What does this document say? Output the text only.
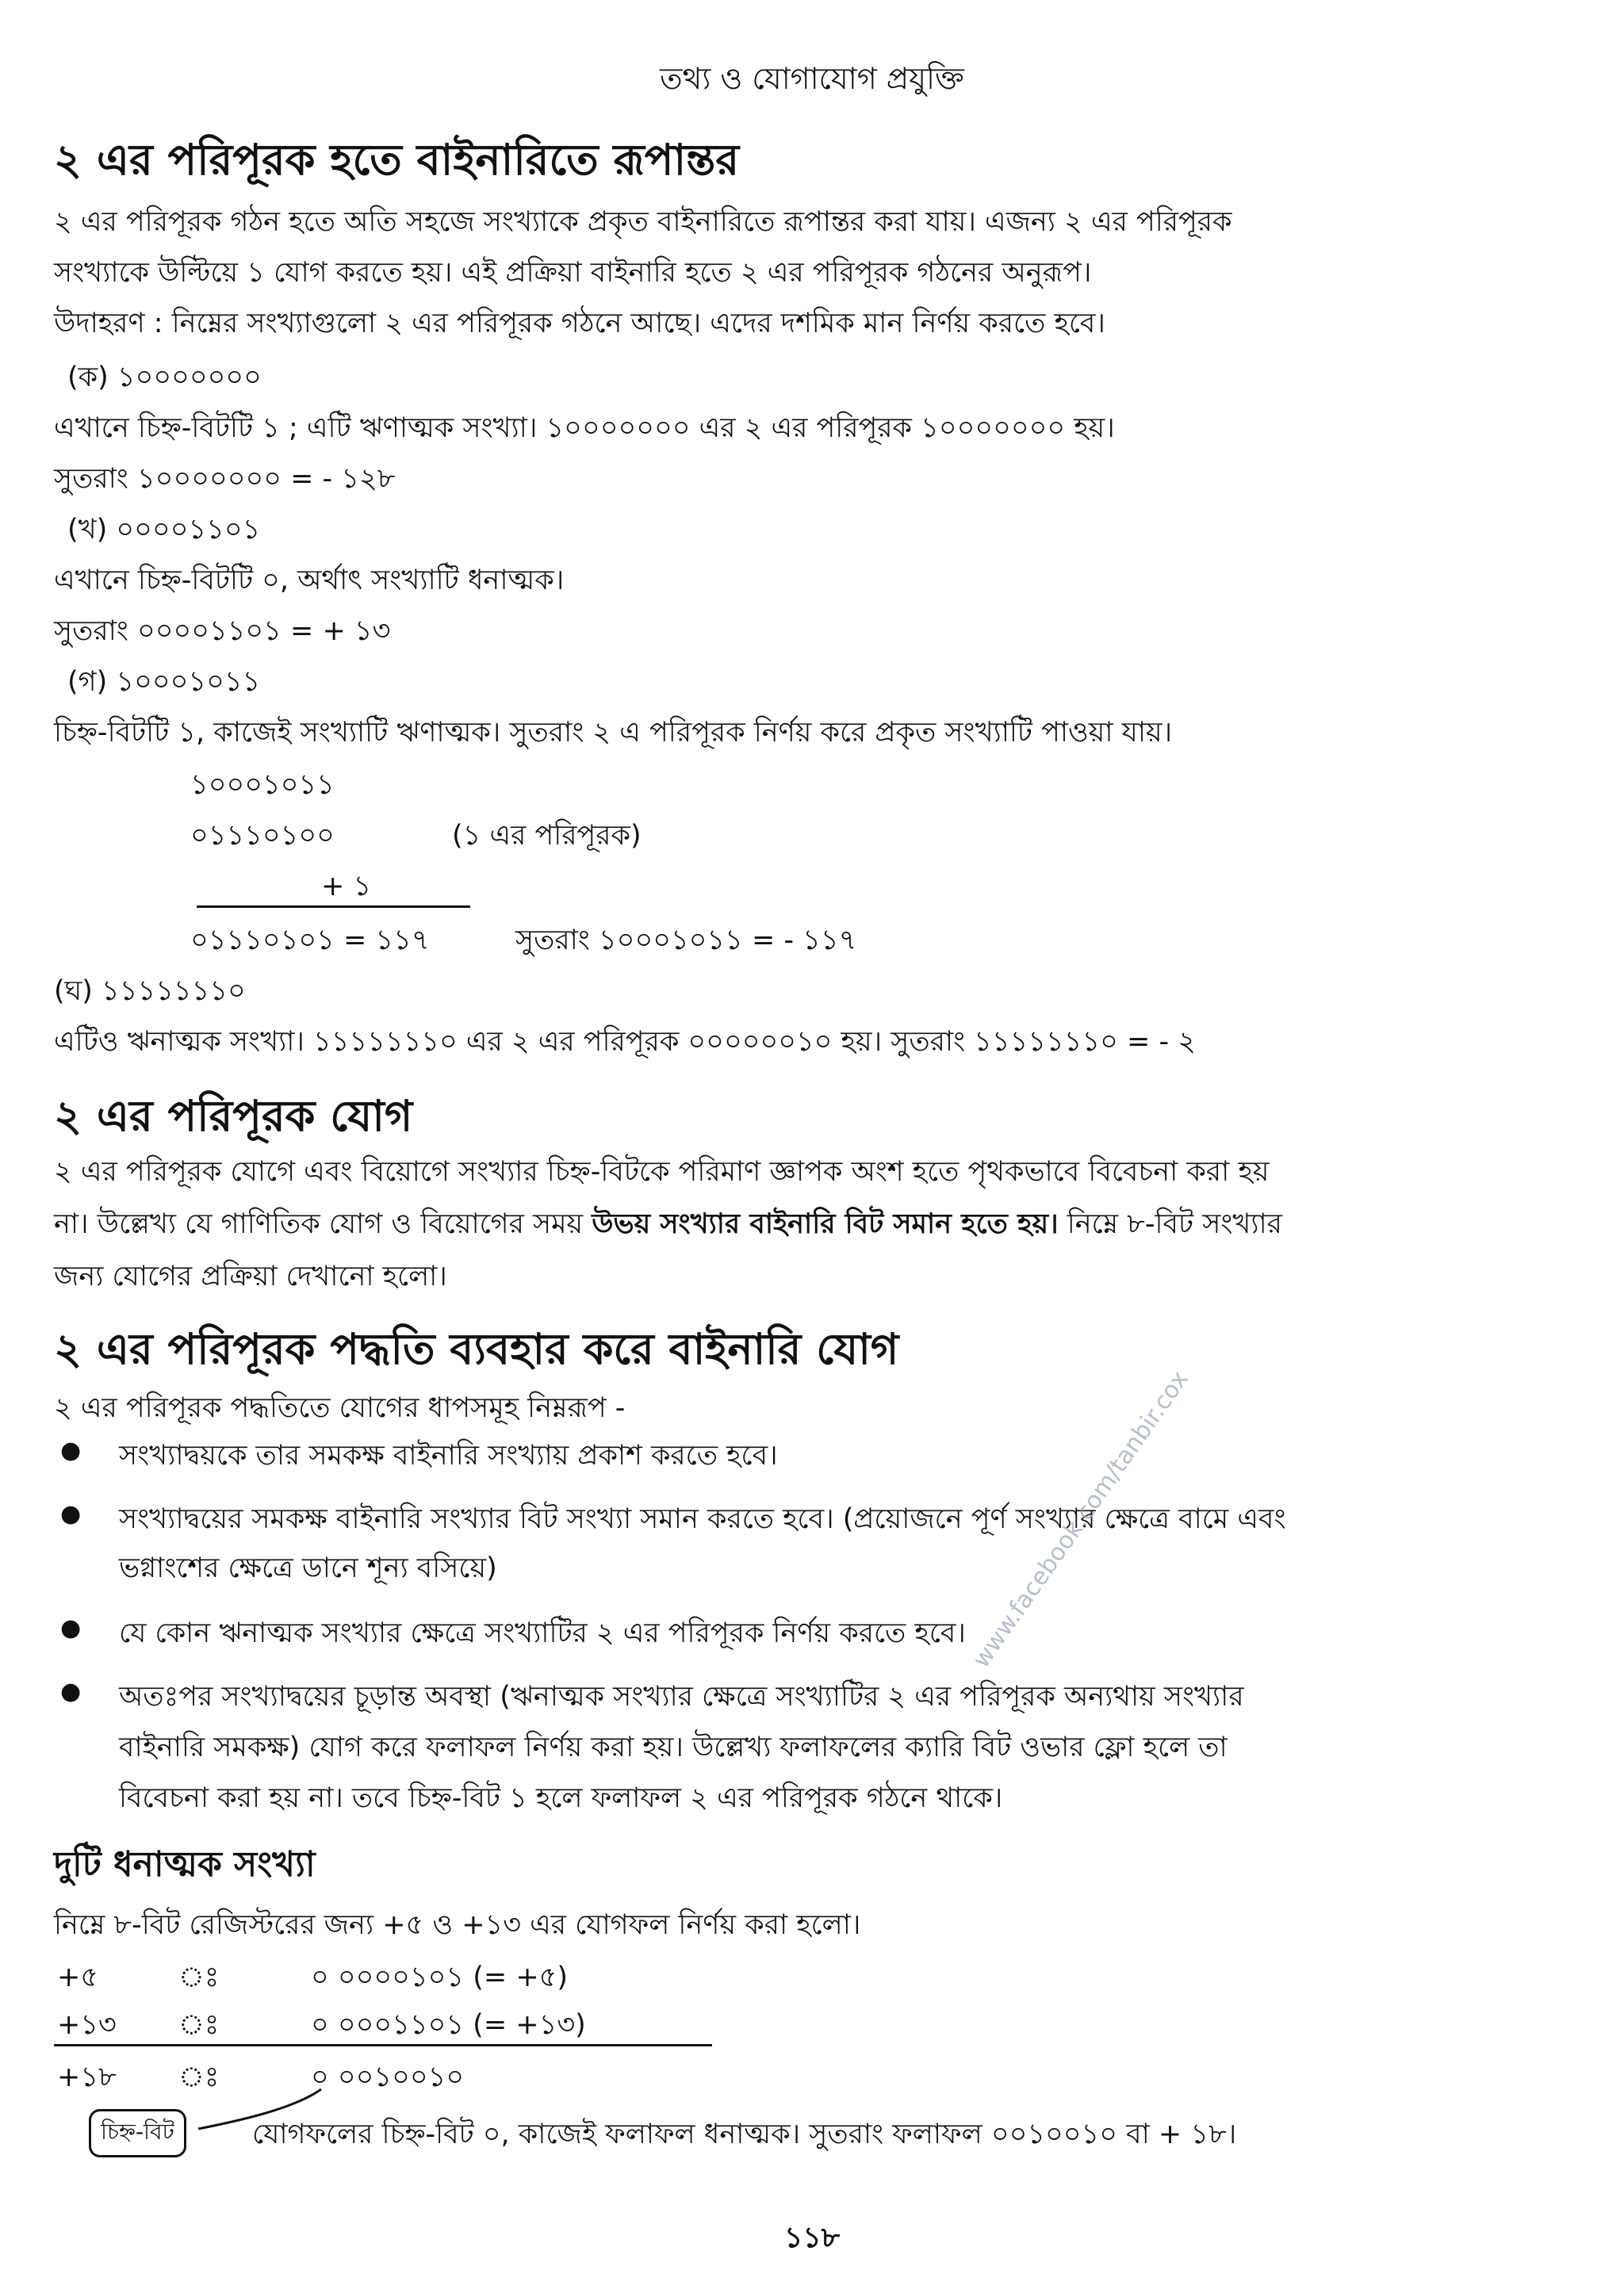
তথ্য ও যোগাযোগ প্রযুক্তি
২ এর পরিপূরক হতে বাইনারিতে রূপান্তর
২ এর পরিপূরক গঠন হতে অতি সহজে সংখ্যাকে প্রকৃত বাইনারিতে রূপান্তর করা যায়। এজন্য ২ এর পরিপূরক
সংখ্যাকে উল্টিয়ে ১ যোগ করতে হয়। এই প্রক্রিয়া বাইনারি হতে ২ এর পরিপূরক গঠনের অনুরূপ।
উদাহরণ : নিম্নের সংখ্যাগুলো ২ এর পরিপূরক গঠনে আছে। এদের দশমিক মান নির্ণয় করতে হবে।
(ক) ১০০০০০০০
এখানে চিহ্ন-বিটটি ১ ; এটি ঋণাত্মক সংখ্যা। ১০০০০০০০ এর ২ এর পরিপূরক ১০০০০০০০ হয়।
সুতরাং ১০০০০০০০ = - ১২৮
(খ) ০০০০১১০১
এখানে চিহ্ন-বিটটি ০, অর্থাৎ সংখ্যাটি ধনাত্মক।
সুতরাং ০০০০১১০১ = + ১৩
(গ) ১০০০১০১১
চিহ্ন-বিটটি ১, কাজেই সংখ্যাটি ঋণাত্মক। সুতরাং ২ এ পরিপূরক নির্ণয় করে প্রকৃত সংখ্যাটি পাওয়া যায়।
১০০০১০১১
০১১১০১০০	(১ এর পরিপূরক)
+ ১
০১১১০১০১ = ১১৭	সুতরাং ১০০০১০১১ = - ১১৭
(ঘ) ১১১১১১১০
এটিও ঋনাত্মক সংখ্যা। ১১১১১১১০ এর ২ এর পরিপূরক ০০০০০০১০ হয়। সুতরাং ১১১১১১১০ = - ২
২ এর পরিপূরক যোগ
২ এর পরিপূরক যোগে এবং বিয়োগে সংখ্যার চিহ্ন-বিটকে পরিমাণ জ্ঞাপক অংশ হতে পৃথকভাবে বিবেচনা করা হয়
না। উল্লেখ্য যে গাণিতিক যোগ ও বিয়োগের সময় উভয় সংখ্যার বাইনারি বিট সমান হতে হয়। নিম্নে ৮-বিট সংখ্যার
জন্য যোগের প্রক্রিয়া দেখানো হলো।
২ এর পরিপূরক পদ্ধতি ব্যবহার করে বাইনারি যোগ
২ এর পরিপূরক পদ্ধতিতে যোগের ধাপসমূহ নিম্নরূপ -
● সংখ্যাদ্বয়কে তার সমকক্ষ বাইনারি সংখ্যায় প্রকাশ করতে হবে।
● সংখ্যাদ্বয়ের সমকক্ষ বাইনারি সংখ্যার বিট সংখ্যা সমান করতে হবে। (প্রয়োজনে পূর্ণ সংখ্যার ক্ষেত্রে বামে এবং
ভগ্নাংশের ক্ষেত্রে ডানে শূন্য বসিয়ে)
● যে কোন ঋনাত্মক সংখ্যার ক্ষেত্রে সংখ্যাটির ২ এর পরিপূরক নির্ণয় করতে হবে।
● অতঃপর সংখ্যাদ্বয়ের চূড়ান্ত অবস্থা (ঋনাত্মক সংখ্যার ক্ষেত্রে সংখ্যাটির ২ এর পরিপূরক অন্যথায় সংখ্যার
বাইনারি সমকক্ষ) যোগ করে ফলাফল নির্ণয় করা হয়। উল্লেখ্য ফলাফলের ক্যারি বিট ওভার ফ্লো হলে তা
বিবেচনা করা হয় না। তবে চিহ্ন-বিট ১ হলে ফলাফল ২ এর পরিপূরক গঠনে থাকে।
দুটি ধনাত্মক সংখ্যা
নিম্নে ৮-বিট রেজিস্টরের জন্য +৫ ও +১৩ এর যোগফল নির্ণয় করা হলো।
+৫	ঃ	০ ০০০০১০১ (= +৫)
+১৩ ঃ	০ ০০০১১০১ (= +১৩)
+১৮ ঃ	০ ০০১০০১০
চিহ্ন-বিট	যোগফলের চিহ্ন-বিট ০, কাজেই ফলাফল ধনাত্মক। সুতরাং ফলাফল ০০১০০১০ বা + ১৮।
www.facebook.com/tanbir.cox
১১৮
